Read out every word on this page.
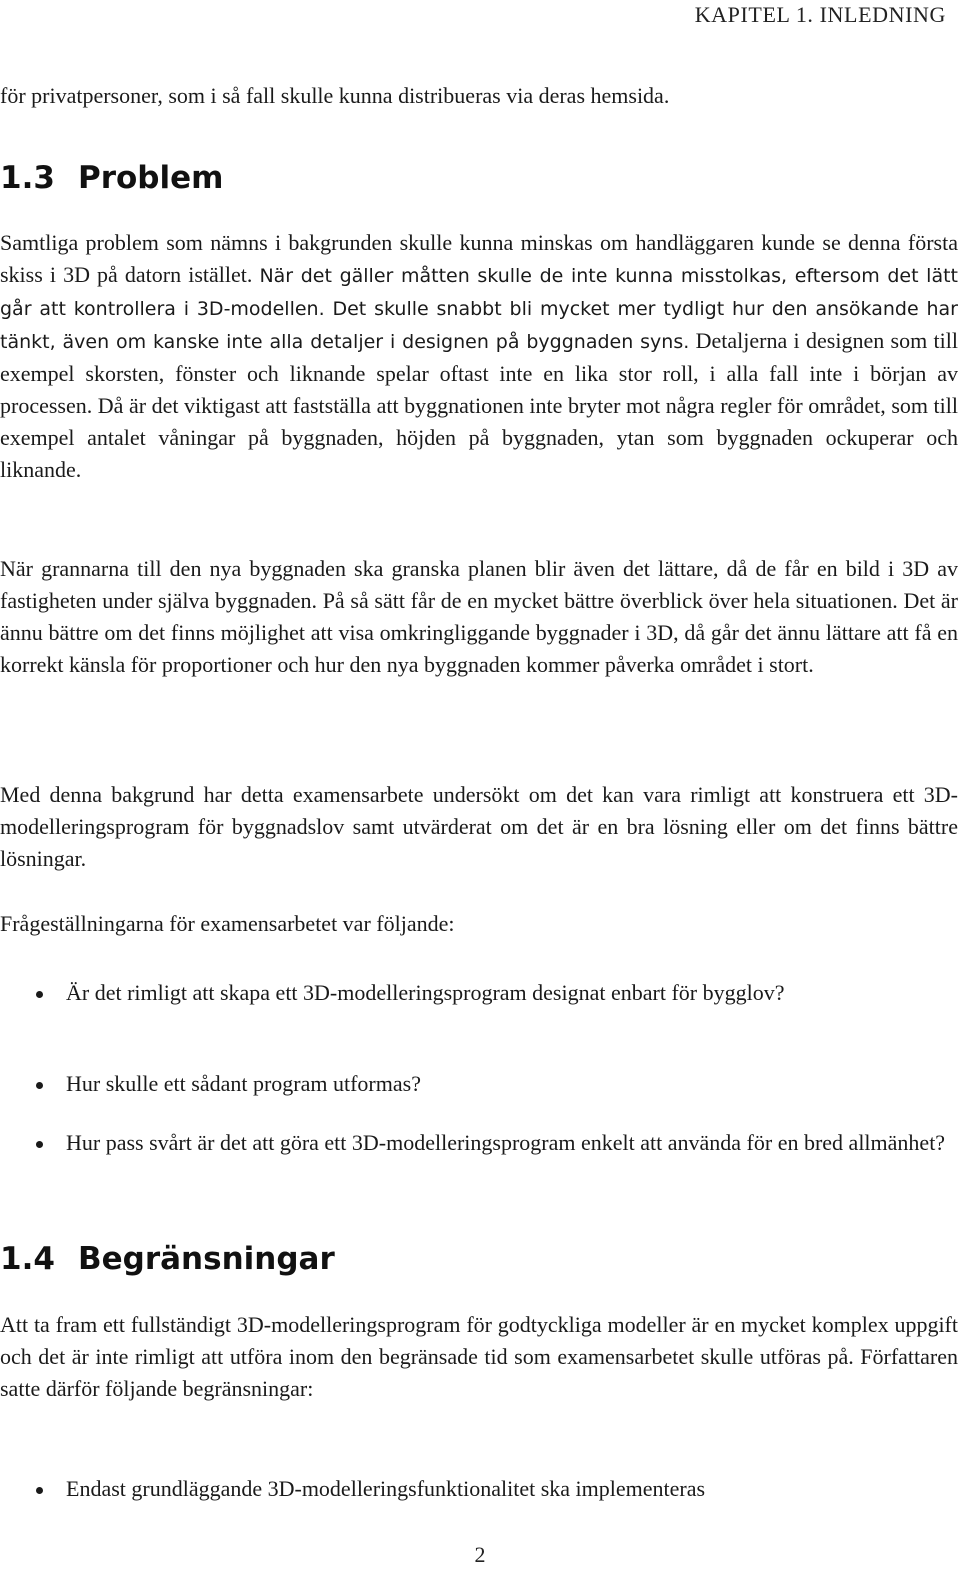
KAPITEL 1. INLEDNING

för privatpersoner, som i så fall skulle kunna distribueras via deras hemsida.

1.3 Problem

Samtliga problem som nämns i bakgrunden skulle kunna minskas om handläggaren kunde se denna första skiss i 3D på datorn istället. När det gäller måtten skulle de inte kunna misstolkas, eftersom det lätt går att kontrollera i 3D-modellen. Det skulle snabbt bli mycket mer tydligt hur den ansökande har tänkt, även om kanske inte alla detaljer i designen på byggnaden syns. Detaljerna i designen som till exempel skorsten, fönster och liknande spelar oftast inte en lika stor roll, i alla fall inte i början av processen. Då är det viktigast att fastställa att byggnationen inte bryter mot några regler för området, som till exempel antalet våningar på byggnaden, höjden på byggnaden, ytan som byggnaden ockuperar och liknande.

När grannarna till den nya byggnaden ska granska planen blir även det lättare, då de får en bild i 3D av fastigheten under själva byggnaden. På så sätt får de en mycket bättre överblick över hela situationen. Det är ännu bättre om det finns möjlighet att visa omkringliggande byggnader i 3D, då går det ännu lättare att få en korrekt känsla för proportioner och hur den nya byggnaden kommer påverka området i stort.

Med denna bakgrund har detta examensarbete undersökt om det kan vara rimligt att konstruera ett 3D-modelleringsprogram för byggnadslov samt utvärderat om det är en bra lösning eller om det finns bättre lösningar.

Frågeställningarna för examensarbetet var följande:

Är det rimligt att skapa ett 3D-modelleringsprogram designat enbart för bygglov?
Hur skulle ett sådant program utformas?
Hur pass svårt är det att göra ett 3D-modelleringsprogram enkelt att använda för en bred allmänhet?
1.4 Begränsningar

Att ta fram ett fullständigt 3D-modelleringsprogram för godtyckliga modeller är en mycket komplex uppgift och det är inte rimligt att utföra inom den begränsade tid som examensarbetet skulle utföras på. Författaren satte därför följande begränsningar:

Endast grundläggande 3D-modelleringsfunktionalitet ska implementeras
2
